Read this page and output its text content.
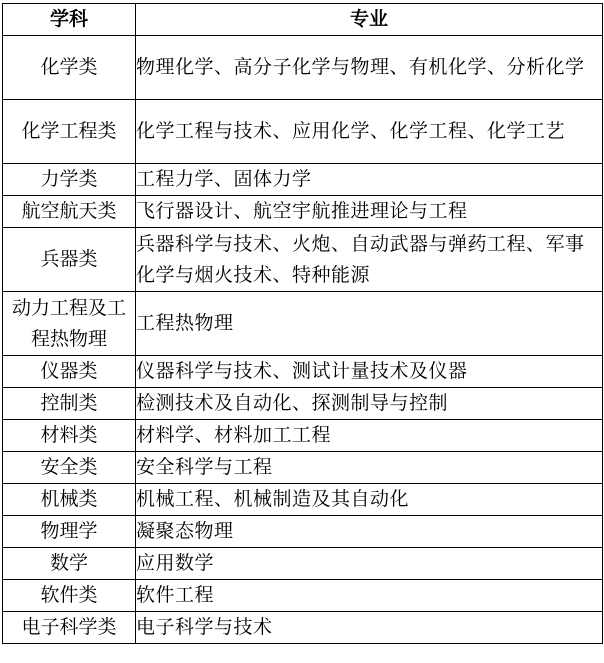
学科	专业
化学类	物理化学、高分子化学与物理、有机化学、分析化学
化学工程类	化学工程与技术、应用化学、化学工程、化学工艺
力学类	工程力学、固体力学
航空航天类	飞行器设计、航空宇航推进理论与工程
兵器类	兵器科学与技术、火炮、自动武器与弹药工程、军事化学与烟火技术、特种能源
动力工程及工程热物理	工程热物理
仪器类	仪器科学与技术、测试计量技术及仪器
控制类	检测技术及自动化、探测制导与控制
材料类	材料学、材料加工工程
安全类	安全科学与工程
机械类	机械工程、机械制造及其自动化
物理学	凝聚态物理
数学	应用数学
软件类	软件工程
电子科学类	电子科学与技术
